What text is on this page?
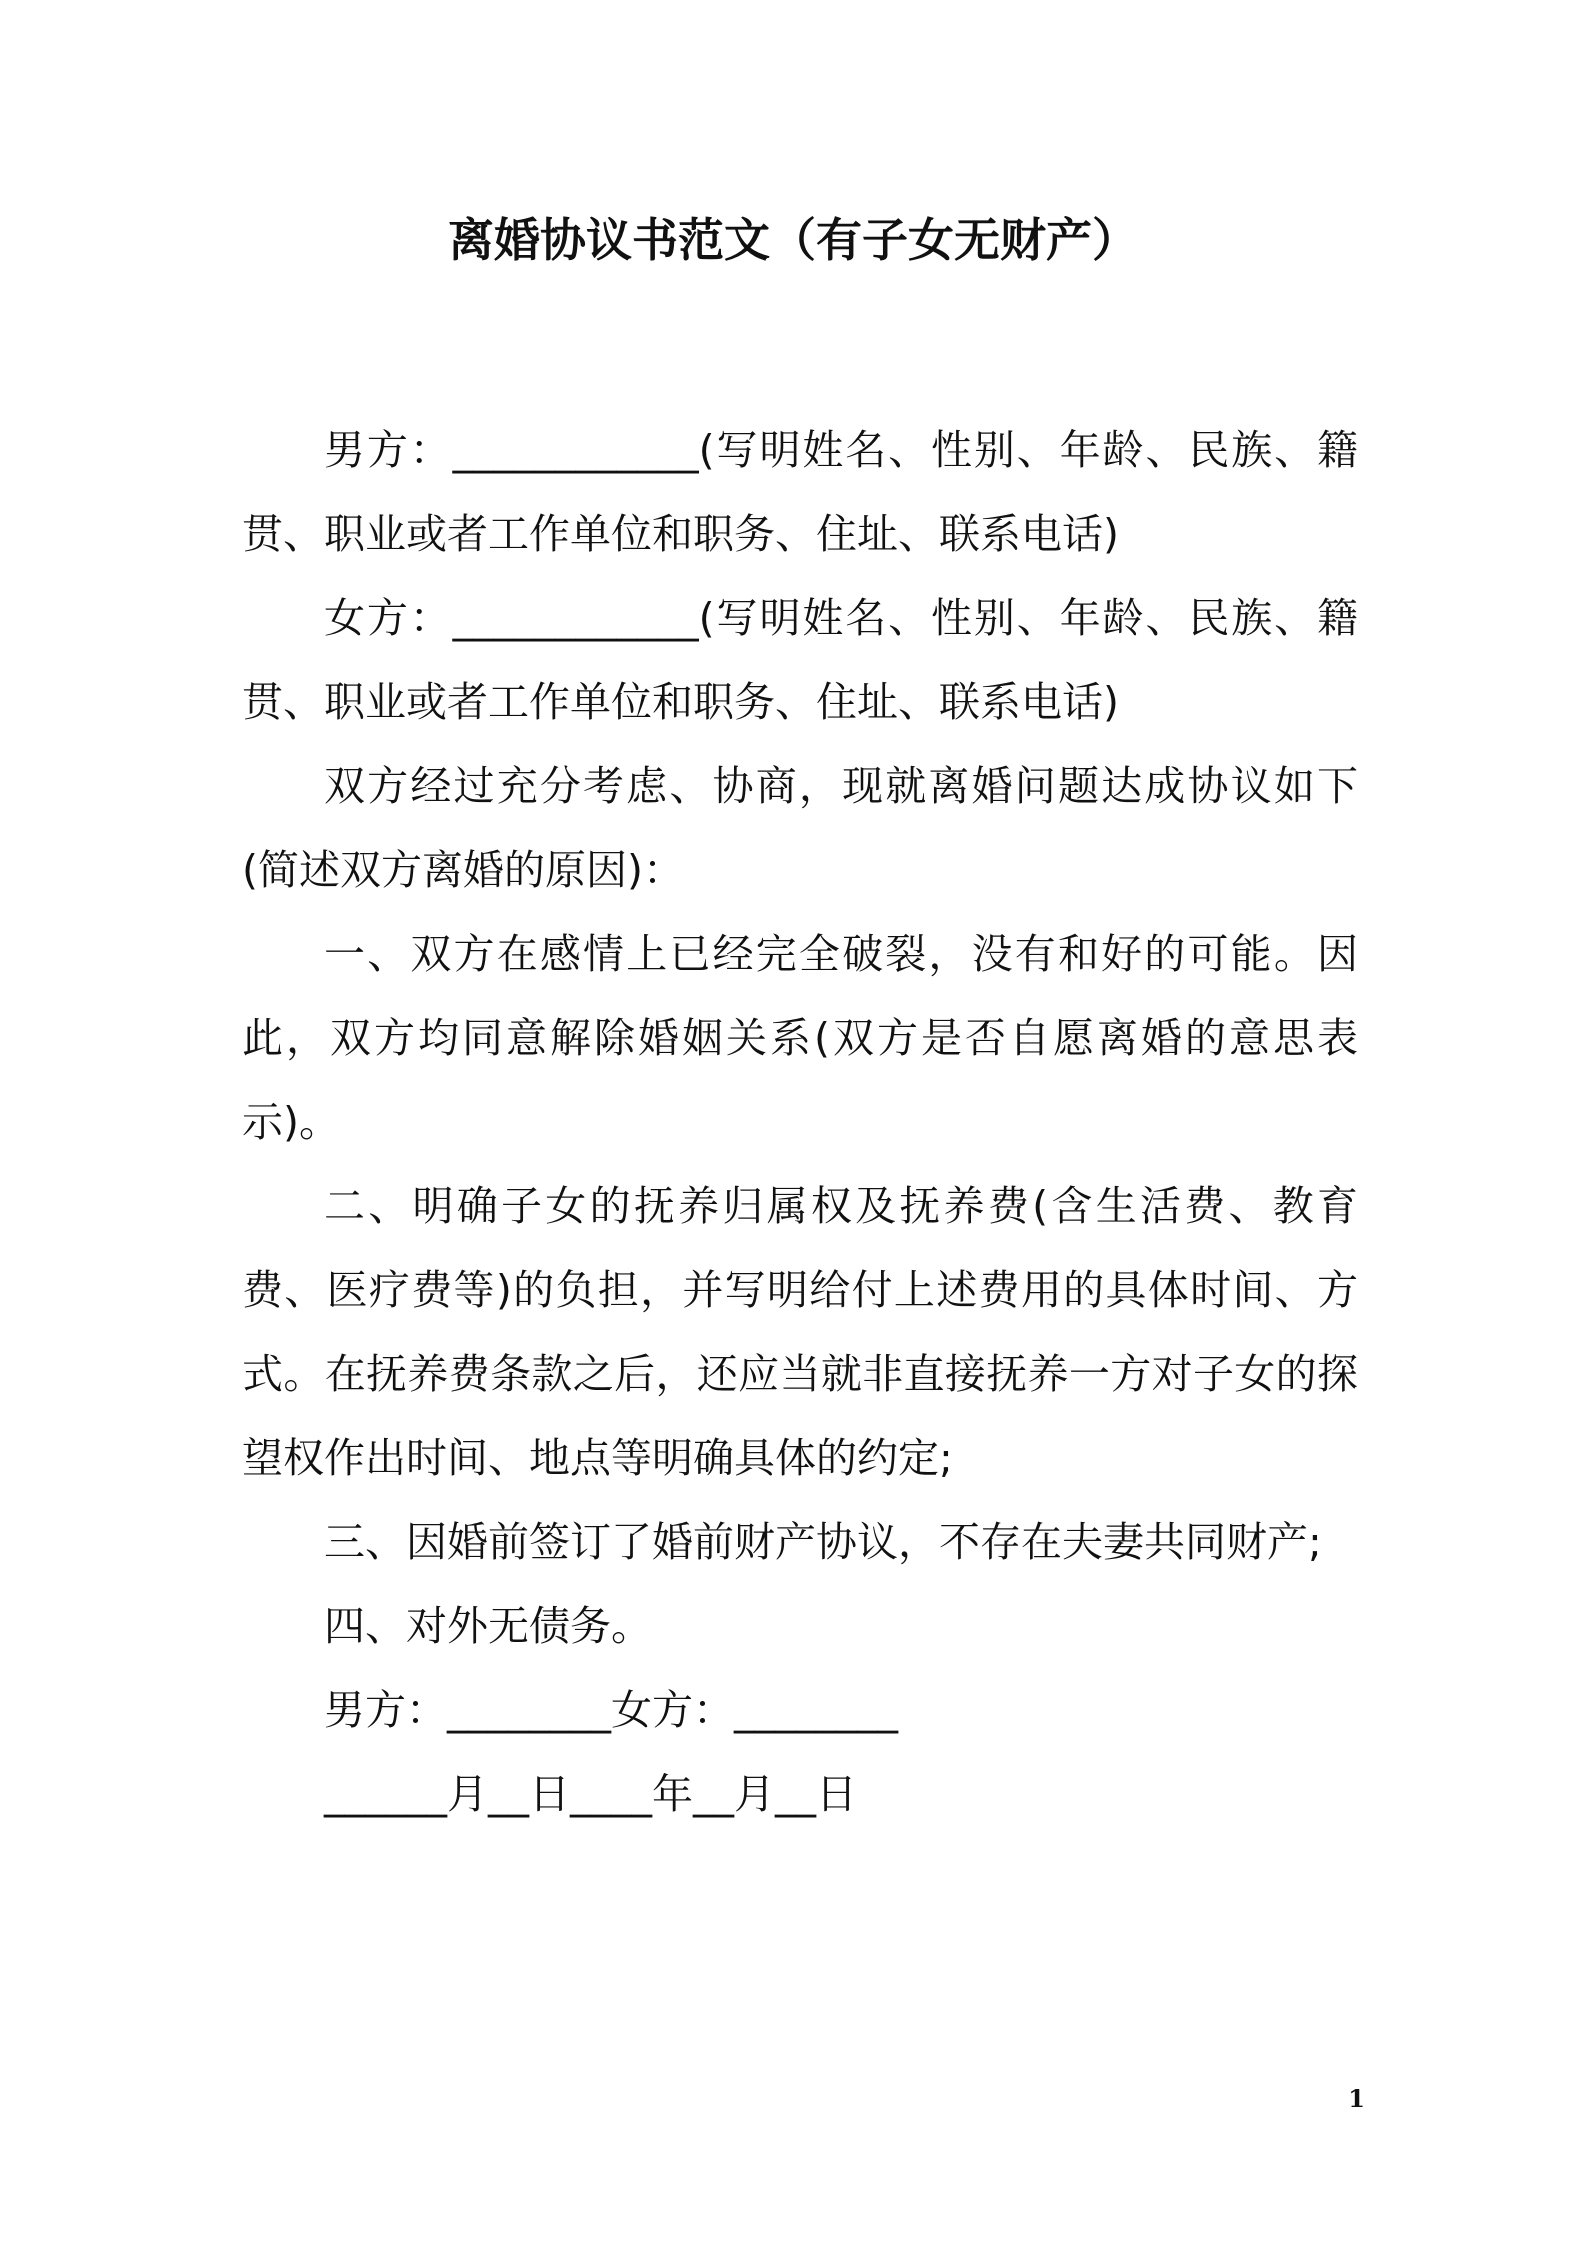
离婚协议书范文（有子女无财产）

男方：____________(写明姓名、性别、年龄、民族、籍贯、职业或者工作单位和职务、住址、联系电话)

女方：____________(写明姓名、性别、年龄、民族、籍贯、职业或者工作单位和职务、住址、联系电话)

双方经过充分考虑、协商，现就离婚问题达成协议如下(简述双方离婚的原因)：

一、双方在感情上已经完全破裂，没有和好的可能。因此，双方均同意解除婚姻关系(双方是否自愿离婚的意思表示)。

二、明确子女的抚养归属权及抚养费(含生活费、教育费、医疗费等)的负担，并写明给付上述费用的具体时间、方式。在抚养费条款之后，还应当就非直接抚养一方对子女的探望权作出时间、地点等明确具体的约定;

三、因婚前签订了婚前财产协议，不存在夫妻共同财产;

四、对外无债务。

男方：________女方：________

______月__日____年__月__日

1
